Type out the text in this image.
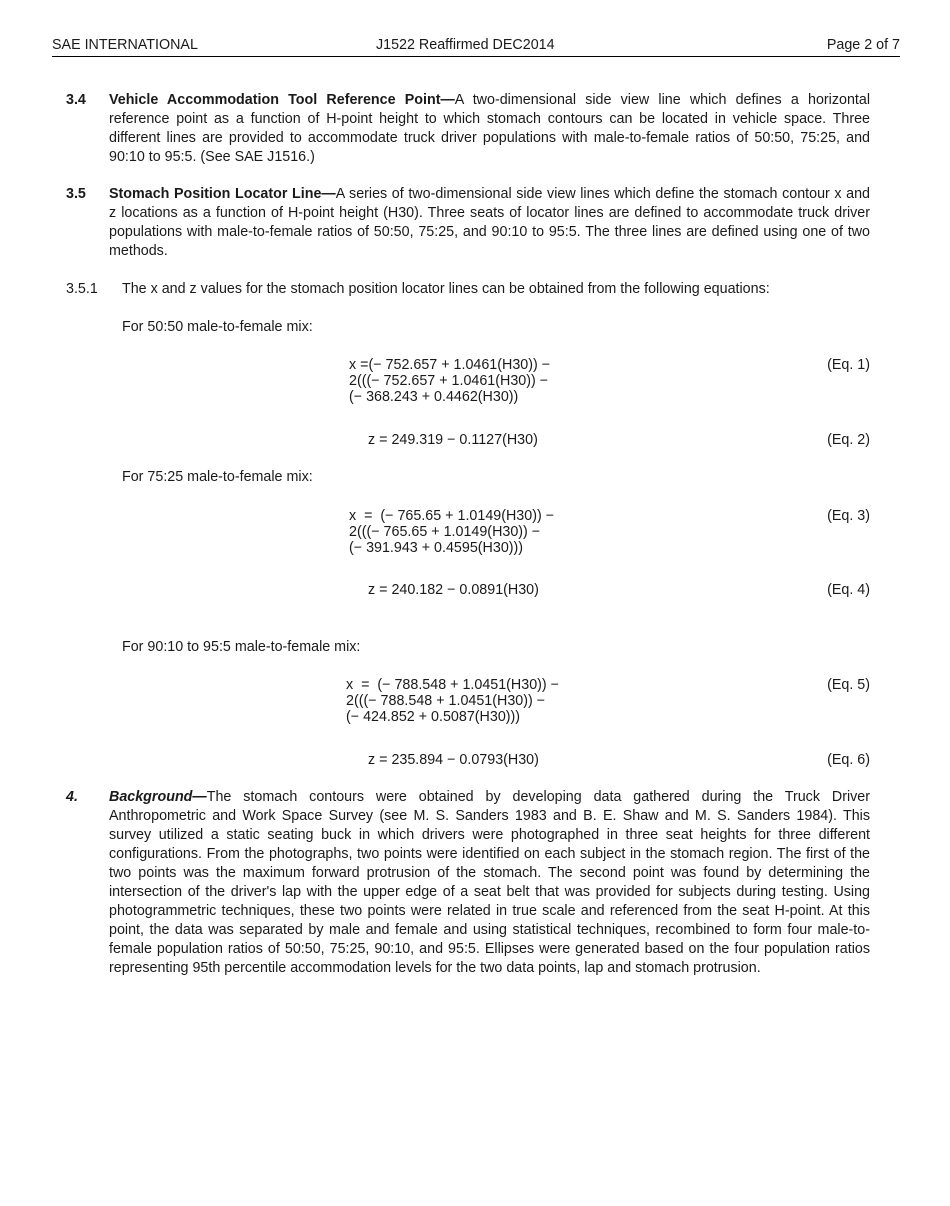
SAE INTERNATIONAL	J1522 Reaffirmed DEC2014	Page 2 of 7
3.4 Vehicle Accommodation Tool Reference Point—A two-dimensional side view line which defines a horizontal reference point as a function of H-point height to which stomach contours can be located in vehicle space. Three different lines are provided to accommodate truck driver populations with male-to-female ratios of 50:50, 75:25, and 90:10 to 95:5. (See SAE J1516.)
3.5 Stomach Position Locator Line—A series of two-dimensional side view lines which define the stomach contour x and z locations as a function of H-point height (H30). Three seats of locator lines are defined to accommodate truck driver populations with male-to-female ratios of 50:50, 75:25, and 90:10 to 95:5. The three lines are defined using one of two methods.
3.5.1 The x and z values for the stomach position locator lines can be obtained from the following equations:
For 50:50 male-to-female mix:
x =(− 752.657 + 1.0461(H30)) −
2(((− 752.657 + 1.0461(H30)) −
(− 368.243 + 0.4462(H30))
(Eq. 1)
z = 249.319 − 0.1127(H30)	(Eq. 2)
For 75:25 male-to-female mix:
x  =  (− 765.65 + 1.0149(H30)) −
2(((− 765.65 + 1.0149(H30)) −
(− 391.943 + 0.4595(H30)))
(Eq. 3)
z = 240.182 − 0.0891(H30)	(Eq. 4)
For 90:10 to 95:5 male-to-female mix:
x  =  (− 788.548 + 1.0451(H30)) −
2(((− 788.548 + 1.0451(H30)) −
(− 424.852 + 0.5087(H30)))
(Eq. 5)
z = 235.894 − 0.0793(H30)	(Eq. 6)
4. Background—The stomach contours were obtained by developing data gathered during the Truck Driver Anthropometric and Work Space Survey (see M. S. Sanders 1983 and B. E. Shaw and M. S. Sanders 1984). This survey utilized a static seating buck in which drivers were photographed in three seat heights for three different configurations. From the photographs, two points were identified on each subject in the stomach region. The first of the two points was the maximum forward protrusion of the stomach. The second point was found by determining the intersection of the driver's lap with the upper edge of a seat belt that was provided for subjects during testing. Using photogrammetric techniques, these two points were related in true scale and referenced from the seat H-point. At this point, the data was separated by male and female and using statistical techniques, recombined to form four male-to-female population ratios of 50:50, 75:25, 90:10, and 95:5. Ellipses were generated based on the four population ratios representing 95th percentile accommodation levels for the two data points, lap and stomach protrusion.
